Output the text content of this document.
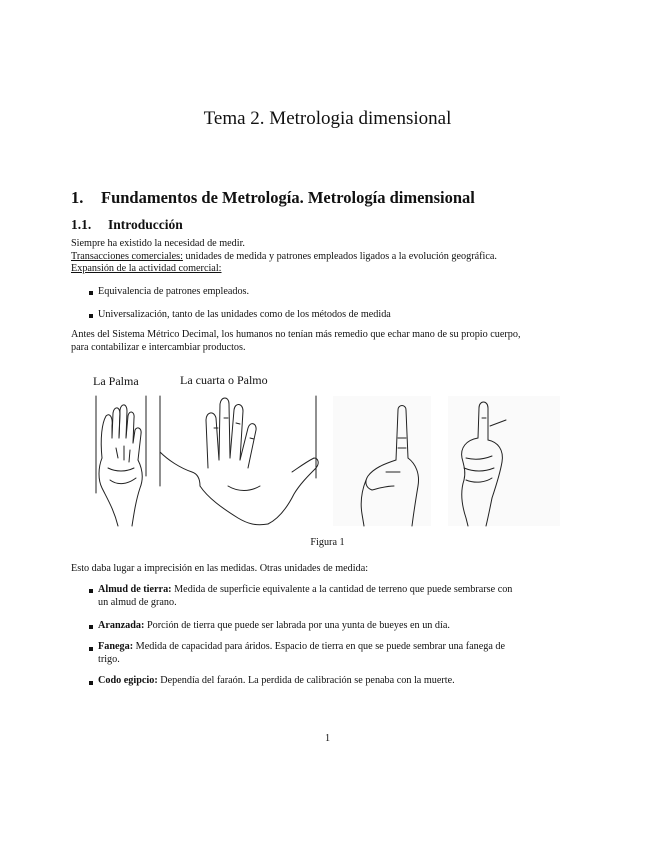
Tema 2. Metrologia dimensional
1. Fundamentos de Metrología. Metrología dimensional
1.1. Introducción
Siempre ha existido la necesidad de medir.
Transacciones comerciales: unidades de medida y patrones empleados ligados a la evolución geográfica.
Expansión de la actividad comercial:
Equivalencia de patrones empleados.
Universalización, tanto de las unidades como de los métodos de medida
Antes del Sistema Métrico Decimal, los humanos no tenían más remedio que echar mano de su propio cuerpo,
para contabilizar e intercambiar productos.
La Palma	La cuarta o Palmo
Figura 1
Esto daba lugar a imprecisión en las medidas. Otras unidades de medida:
Almud de tierra: Medida de superficie equivalente a la cantidad de terreno que puede sembrarse con
un almud de grano.
Aranzada: Porción de tierra que puede ser labrada por una yunta de bueyes en un día.
Fanega: Medida de capacidad para áridos. Espacio de tierra en que se puede sembrar una fanega de
trigo.
Codo egipcio: Dependía del faraón. La perdida de calibración se penaba con la muerte.
1
